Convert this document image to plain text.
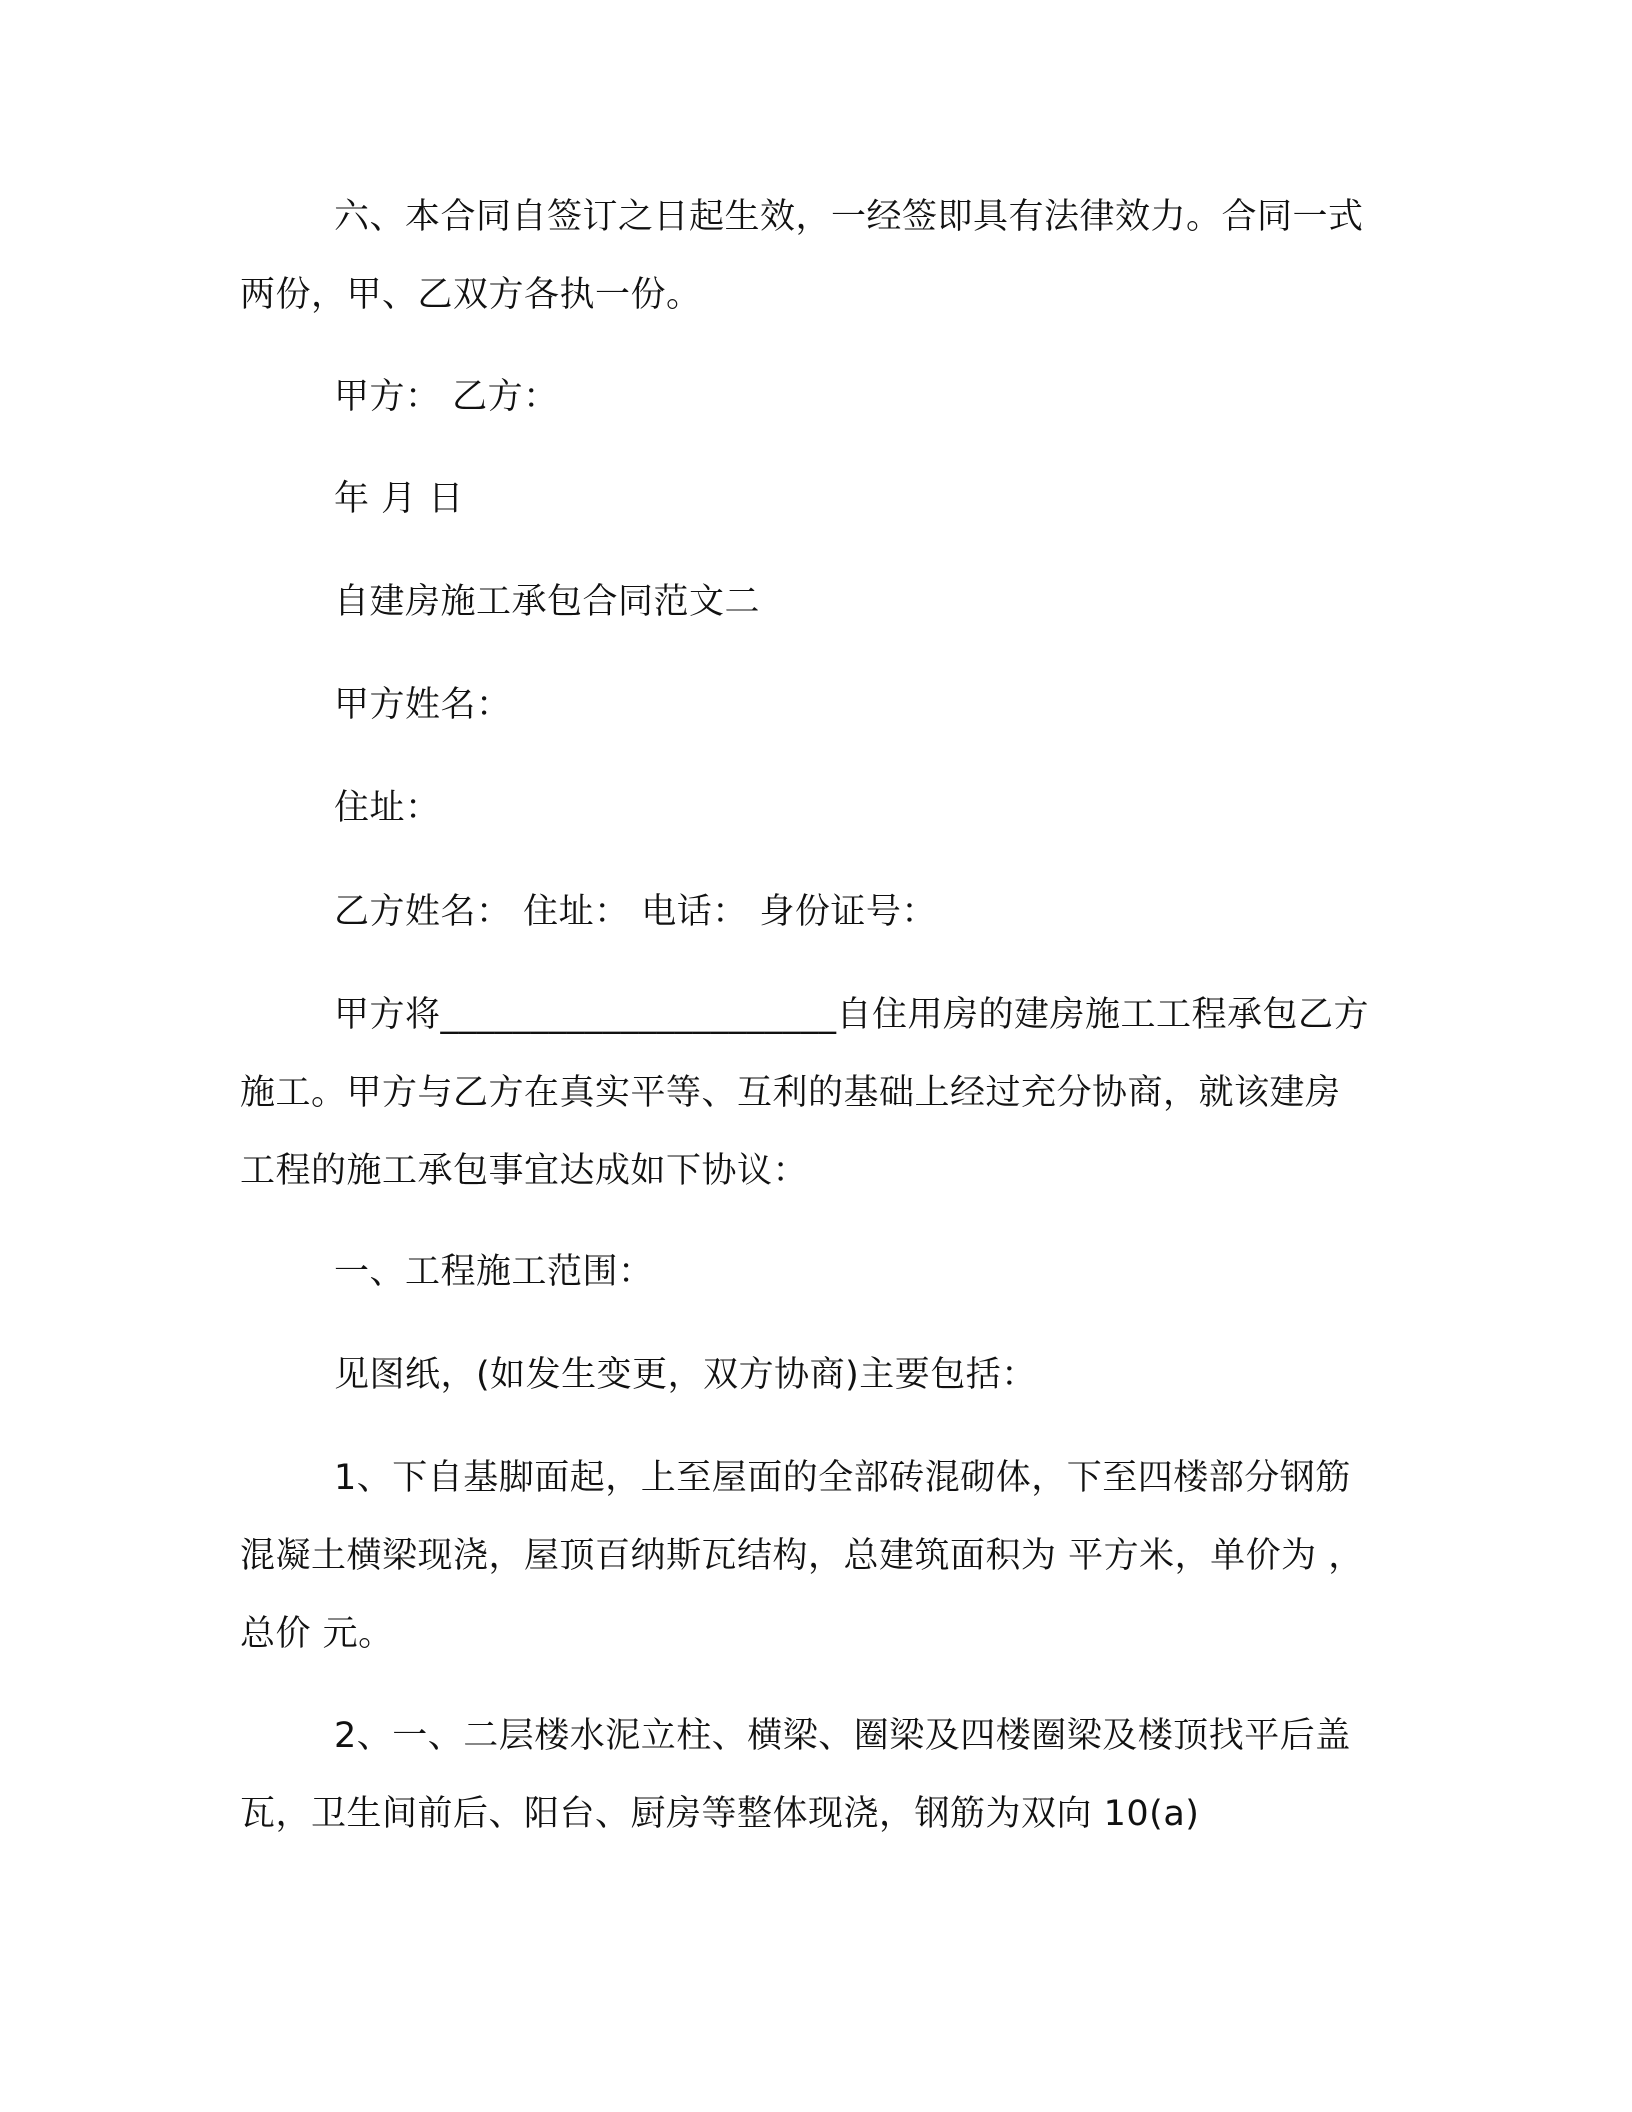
六、本合同自签订之日起生效，一经签即具有法律效力。合同一式两份，甲、乙双方各执一份。
甲方： 乙方：
年 月 日
自建房施工承包合同范文二
甲方姓名：
住址：
乙方姓名： 住址： 电话： 身份证号：
甲方将______________________自住用房的建房施工工程承包乙方施工。甲方与乙方在真实平等、互利的基础上经过充分协商，就该建房工程的施工承包事宜达成如下协议：
一、工程施工范围：
见图纸，(如发生变更，双方协商)主要包括：
1、下自基脚面起，上至屋面的全部砖混砌体，下至四楼部分钢筋混凝土横梁现浇，屋顶百纳斯瓦结构，总建筑面积为 平方米，单价为 ，总价 元。
2、一、二层楼水泥立柱、横梁、圈梁及四楼圈梁及楼顶找平后盖瓦，卫生间前后、阳台、厨房等整体现浇，钢筋为双向 10(a)
